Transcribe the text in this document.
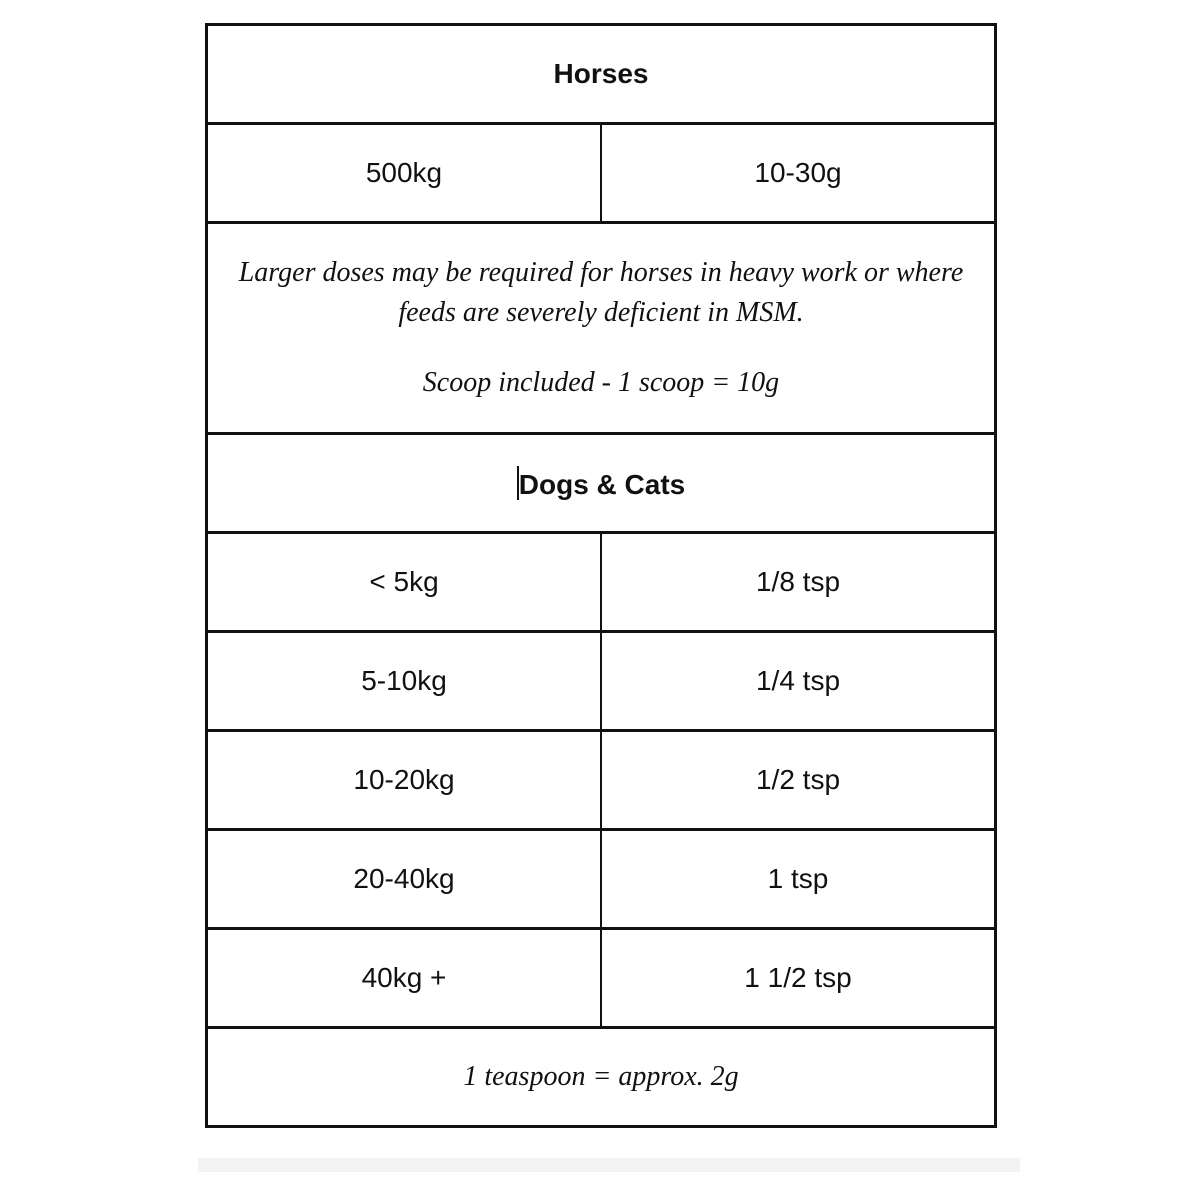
Horses	
500kg	10-30g

Larger doses may be required for horses in heavy work or where feeds are severely deficient in MSM.

Scoop included - 1 scoop = 10g	

Dogs & Cats	
< 5kg	1/8 tsp
5-10kg	1/4 tsp
10-20kg	1/2 tsp
20-40kg	1 tsp
40kg +	1 1/2 tsp

1 teaspoon = approx. 2g	
